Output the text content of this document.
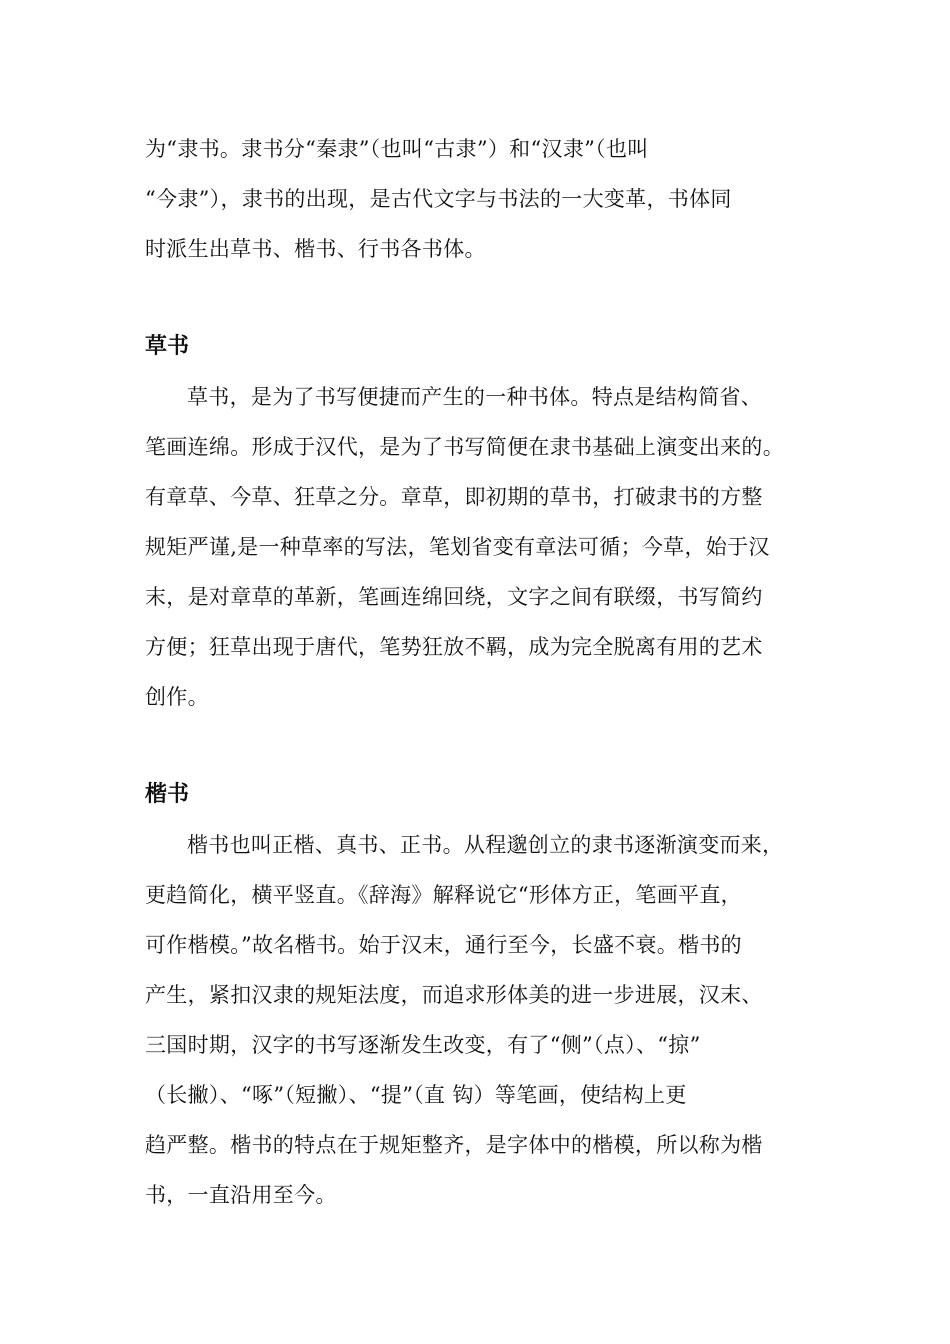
为“隶书。隶书分“秦隶”（也叫“古隶”）和“汉隶”（也叫
“今隶”），隶书的出现，是古代文字与书法的一大变革，书体同
时派生出草书、楷书、行书各书体。
草书
草书，是为了书写便捷而产生的一种书体。特点是结构简省、
笔画连绵。形成于汉代，是为了书写简便在隶书基础上演变出来的。
有章草、今草、狂草之分。章草，即初期的草书，打破隶书的方整
规矩严谨,是一种草率的写法，笔划省变有章法可循；今草，始于汉
末，是对章草的革新，笔画连绵回绕，文字之间有联缀，书写简约
方便；狂草出现于唐代，笔势狂放不羁，成为完全脱离有用的艺术
创作。
楷书
楷书也叫正楷、真书、正书。从程邈创立的隶书逐渐演变而来，
更趋简化，横平竖直。《辞海》解释说它“形体方正，笔画平直，
可作楷模。”故名楷书。始于汉末，通行至今，长盛不衰。楷书的
产生，紧扣汉隶的规矩法度，而追求形体美的进一步进展，汉末、
三国时期，汉字的书写逐渐发生改变，有了“侧”（点）、“掠”
（长撇）、“啄”（短撇）、“提”（直 钩）等笔画，使结构上更
趋严整。楷书的特点在于规矩整齐，是字体中的楷模，所以称为楷
书，一直沿用至今。
